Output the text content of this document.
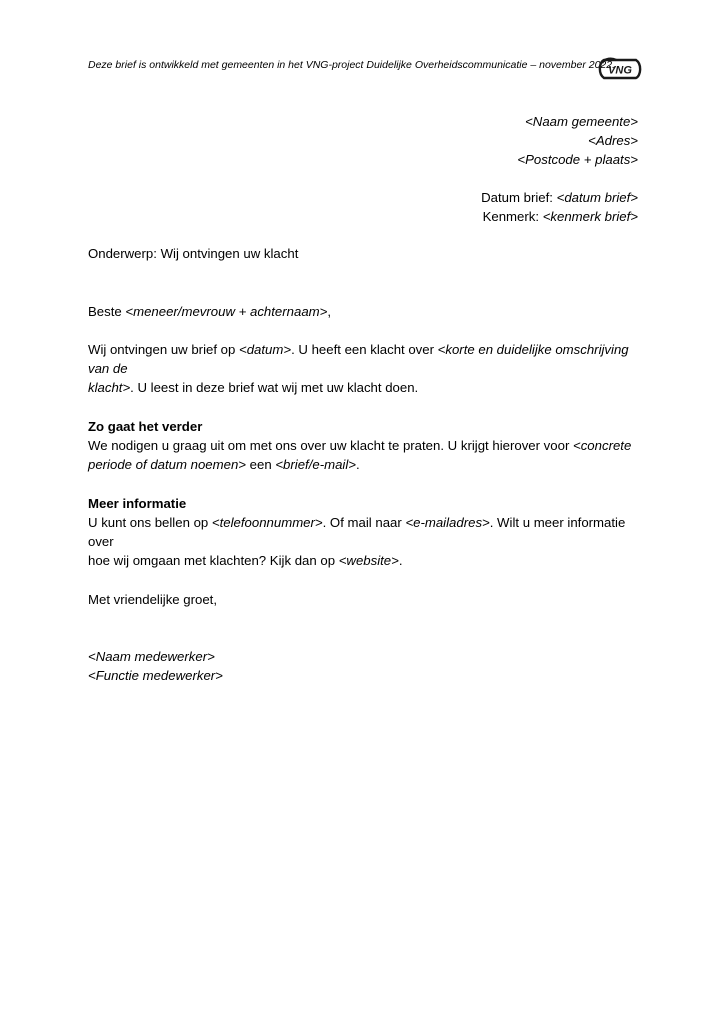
Deze brief is ontwikkeld met gemeenten in het VNG-project Duidelijke Overheidscommunicatie – november 2022.
VNG
<Naam gemeente>
<Adres>
<Postcode + plaats>
Datum brief: <datum brief>
Kenmerk: <kenmerk brief>

Onderwerp: Wij ontvingen uw klacht

Beste <meneer/mevrouw + achternaam>,

Wij ontvingen uw brief op <datum>. U heeft een klacht over <korte en duidelijke omschrijving van de
klacht>. U leest in deze brief wat wij met uw klacht doen.

Zo gaat het verder

We nodigen u graag uit om met ons over uw klacht te praten. U krijgt hierover voor <concrete
periode of datum noemen> een <brief/e-mail>.

Meer informatie

U kunt ons bellen op <telefoonnummer>. Of mail naar <e-mailadres>. Wilt u meer informatie over
hoe wij omgaan met klachten? Kijk dan op <website>.

Met vriendelijke groet,

<Naam medewerker>

<Functie medewerker>
